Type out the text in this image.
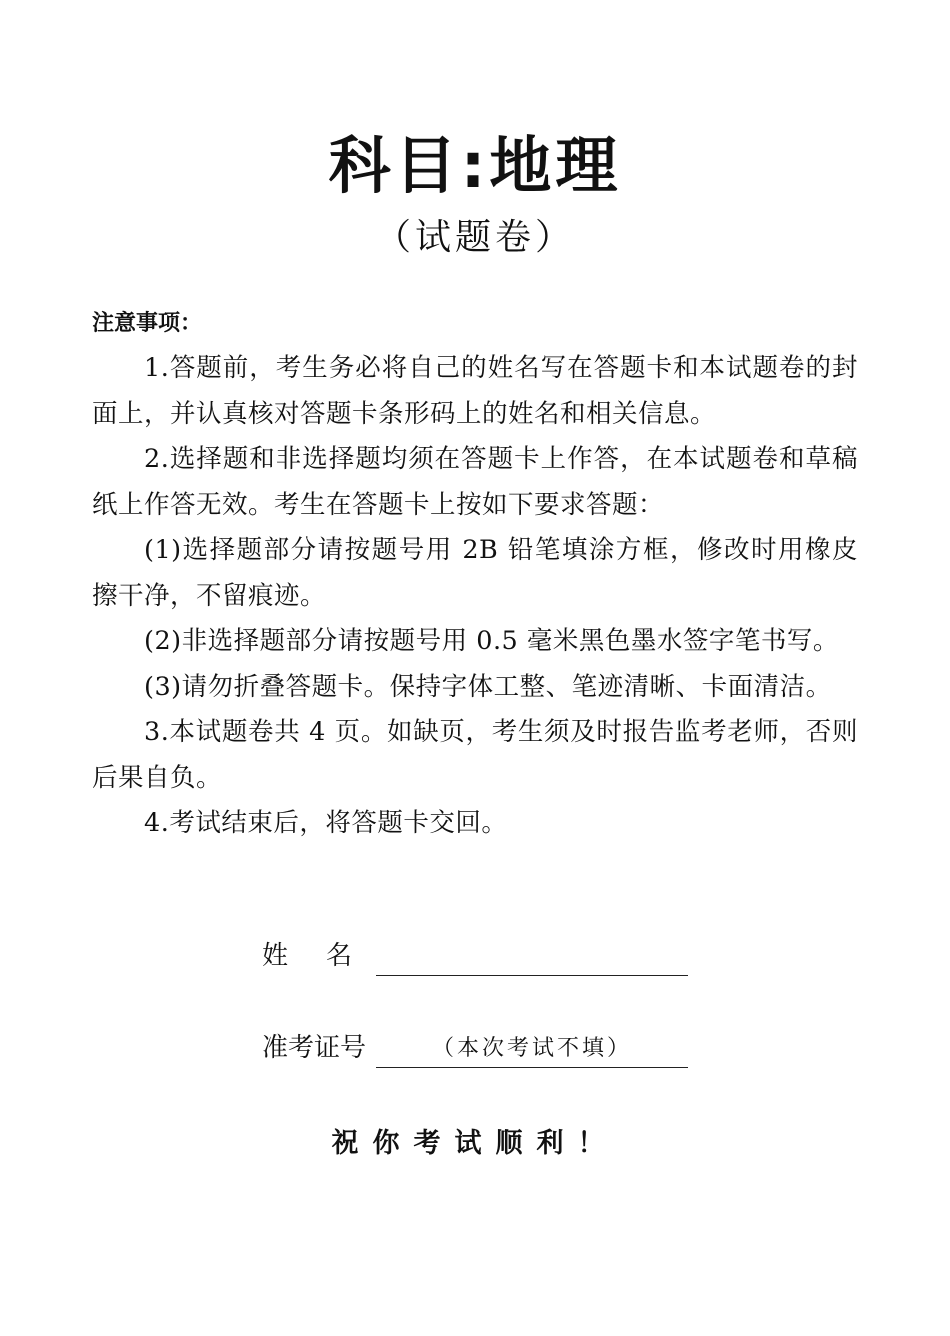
科目:地理
（试题卷）
注意事项：

1.答题前，考生务必将自己的姓名写在答题卡和本试题卷的封面上，并认真核对答题卡条形码上的姓名和相关信息。

2.选择题和非选择题均须在答题卡上作答，在本试题卷和草稿纸上作答无效。考生在答题卡上按如下要求答题：

(1)选择题部分请按题号用 2B 铅笔填涂方框，修改时用橡皮擦干净，不留痕迹。

(2)非选择题部分请按题号用 0.5 毫米黑色墨水签字笔书写。

(3)请勿折叠答题卡。保持字体工整、笔迹清晰、卡面清洁。

3.本试题卷共 4 页。如缺页，考生须及时报告监考老师，否则后果自负。

4.考试结束后，将答题卡交回。

姓名
准考证号	（本次考试不填）
祝你考试顺利！
